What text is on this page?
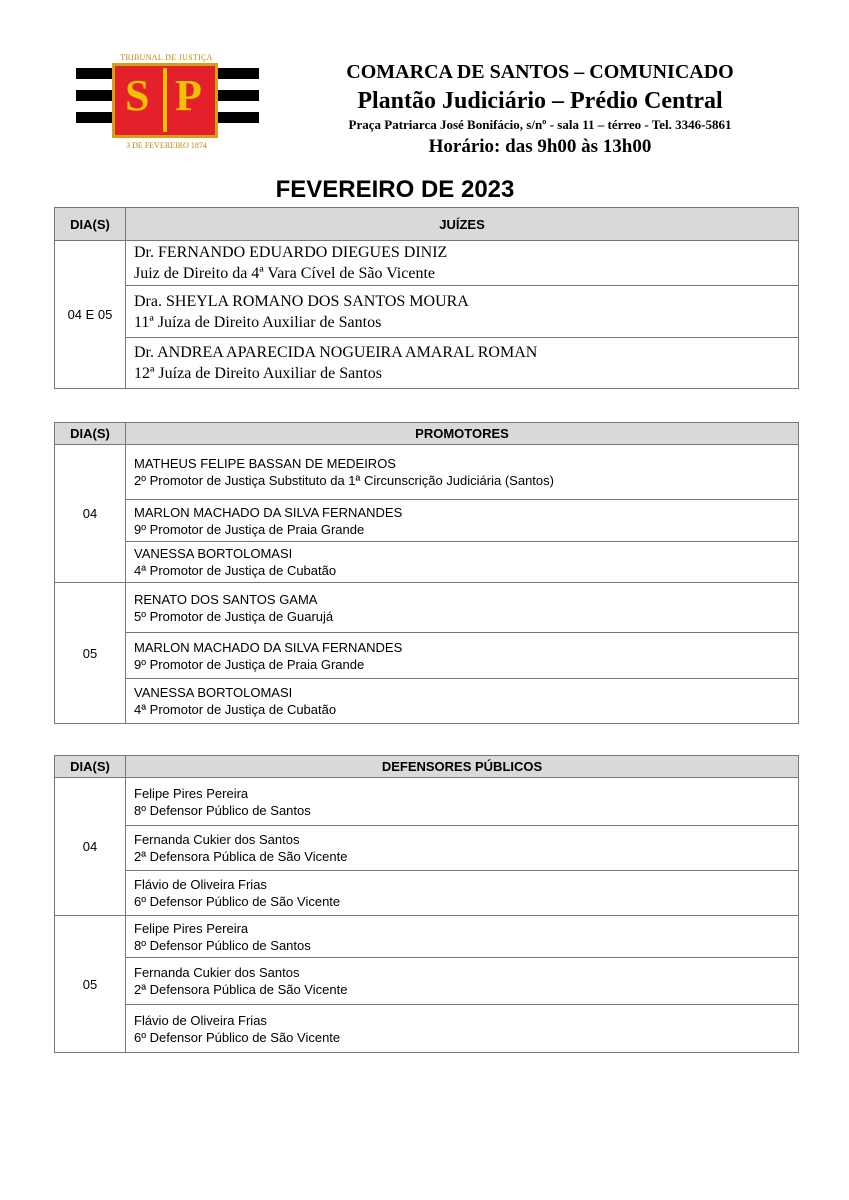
TRIBUNAL DE JUSTIÇA
S P
3 DE FEVEREIRO 1874
COMARCA DE SANTOS – COMUNICADO
Plantão Judiciário – Prédio Central
Praça Patriarca José Bonifácio, s/nº - sala 11 – térreo - Tel. 3346-5861
Horário: das 9h00 às 13h00
FEVEREIRO DE 2023
DIA(S)	JUÍZES
04 E 05	Dr. FERNANDO EDUARDO DIEGUES DINIZ
Juiz de Direito da 4ª Vara Cível de São Vicente

	Dra. SHEYLA ROMANO DOS SANTOS MOURA
11ª Juíza de Direito Auxiliar de Santos

	Dr. ANDREA APARECIDA NOGUEIRA AMARAL ROMAN
12ª Juíza de Direito Auxiliar de Santos
DIA(S)	PROMOTORES
04	MATHEUS FELIPE BASSAN DE MEDEIROS
2º Promotor de Justiça Substituto da 1ª Circunscrição Judiciária (Santos)

	MARLON MACHADO DA SILVA FERNANDES
9º Promotor de Justiça de Praia Grande

	VANESSA BORTOLOMASI
4ª Promotor de Justiça de Cubatão

05	RENATO DOS SANTOS GAMA
5º Promotor de Justiça de Guarujá

	MARLON MACHADO DA SILVA FERNANDES
9º Promotor de Justiça de Praia Grande

	VANESSA BORTOLOMASI
4ª Promotor de Justiça de Cubatão
DIA(S)	DEFENSORES PÚBLICOS
04	Felipe Pires Pereira
8º Defensor Público de Santos

	Fernanda Cukier dos Santos
2ª Defensora Pública de São Vicente

	Flávio de Oliveira Frias
6º Defensor Público de São Vicente

05	Felipe Pires Pereira
8º Defensor Público de Santos

	Fernanda Cukier dos Santos
2ª Defensora Pública de São Vicente

	Flávio de Oliveira Frias
6º Defensor Público de São Vicente
